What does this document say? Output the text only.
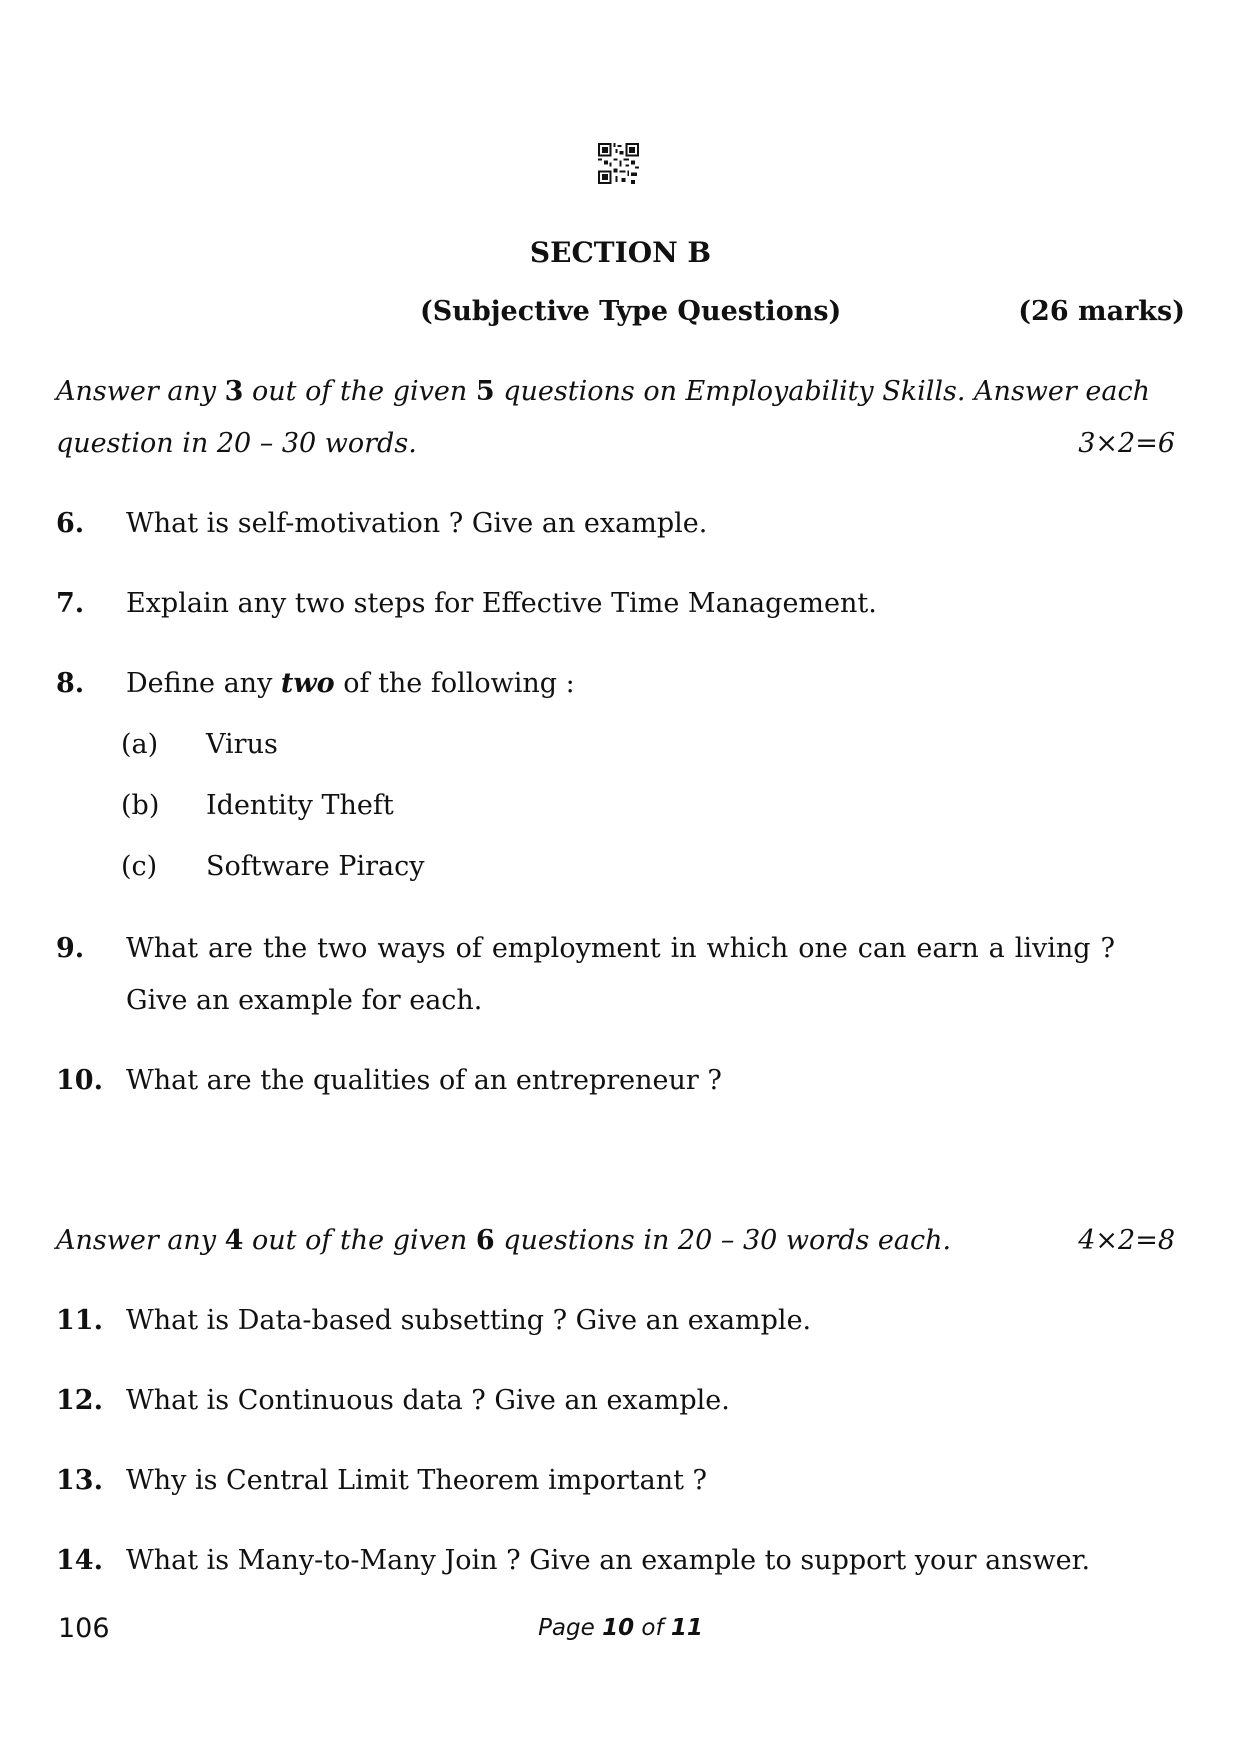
SECTION B
(Subjective Type Questions)	(26 marks)
Answer any 3 out of the given 5 questions on Employability Skills. Answer each
question in 20 – 30 words.	3×2=6
6. What is self-motivation ? Give an example.
7. Explain any two steps for Effective Time Management.
8. Define any two of the following :
(a) Virus
(b) Identity Theft
(c) Software Piracy
9. What are the two ways of employment in which one can earn a living ?
Give an example for each.
10. What are the qualities of an entrepreneur ?
Answer any 4 out of the given 6 questions in 20 – 30 words each.	4×2=8
11. What is Data-based subsetting ? Give an example.
12. What is Continuous data ? Give an example.
13. Why is Central Limit Theorem important ?
14. What is Many-to-Many Join ? Give an example to support your answer.
106	Page 10 of 11
